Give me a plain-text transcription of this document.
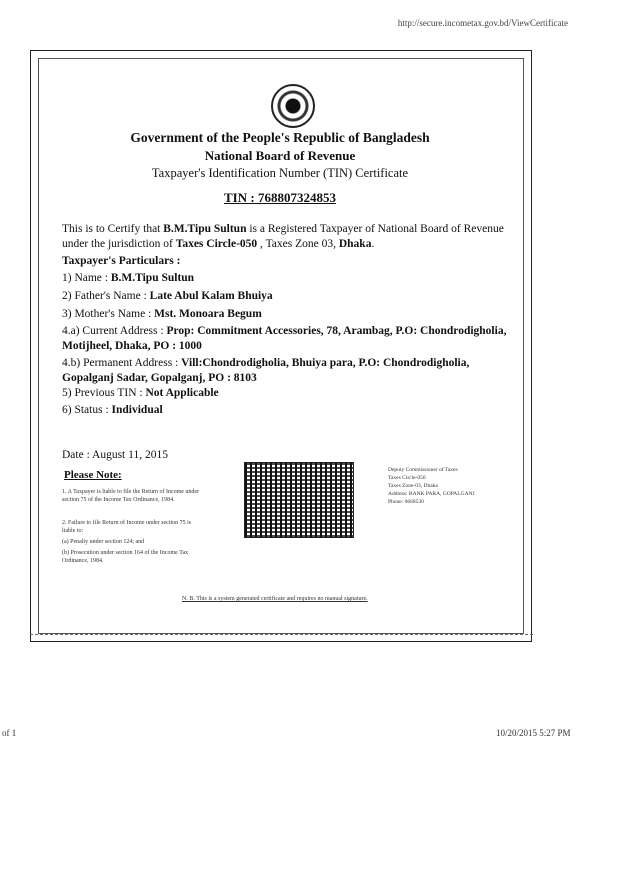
http://secure.incometax.gov.bd/ViewCertificate
Government of the People's Republic of Bangladesh
National Board of Revenue
Taxpayer's Identification Number (TIN) Certificate
TIN : 768807324853
This is to Certify that B.M.Tipu Sultun is a Registered Taxpayer of National Board of Revenue under the jurisdiction of Taxes Circle-050 , Taxes Zone 03, Dhaka.
Taxpayer's Particulars :
1) Name : B.M.Tipu Sultun
2) Father's Name : Late Abul Kalam Bhuiya
3) Mother's Name : Mst. Monoara Begum
4.a) Current Address : Prop: Commitment Accessories, 78, Arambag, P.O: Chondrodigholia, Motijheel, Dhaka, PO : 1000
4.b) Permanent Address : Vill:Chondrodigholia, Bhuiya para, P.O: Chondrodigholia, Gopalganj Sadar, Gopalganj, PO : 8103
5) Previous TIN : Not Applicable
6) Status : Individual
Date : August 11, 2015
Please Note:
1. A Taxpayer is liable to file the Return of Income under section 75 of the Income Tax Ordinance, 1984.
2. Failure to file Return of Income under section 75 is liable to:
(a) Penalty under section 124; and
(b) Prosecution under section 164 of the Income Tax Ordinance, 1984.
Deputy Commissioner of Taxes
Taxes Circle-050
Taxes Zone-03, Dhaka
Address: BANK PARA, GOPALGANJ
Phone: 0668530
N. B. This is a system generated certificate and requires no manual signature.
of 1	10/20/2015 5:27 PM
